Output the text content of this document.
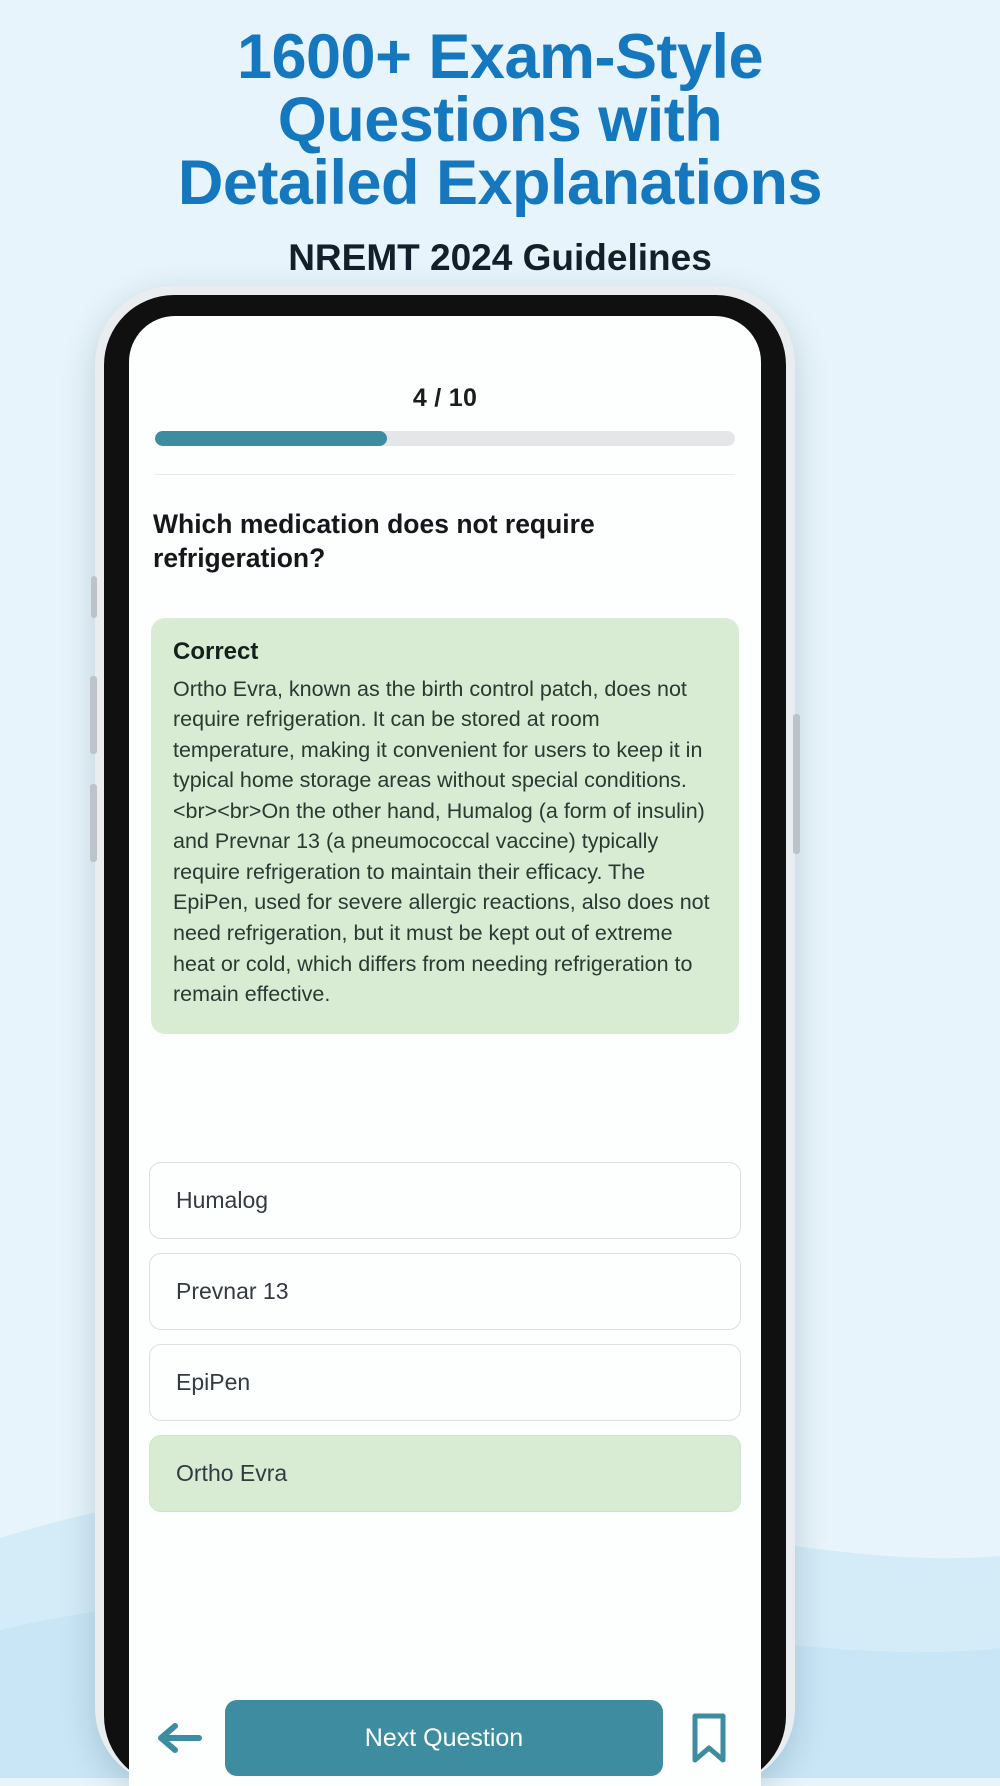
1600+ Exam-Style
Questions with
Detailed Explanations
NREMT 2024 Guidelines
4 / 10
Which medication does not require refrigeration?
Correct
Ortho Evra, known as the birth control patch, does not require refrigeration. It can be stored at room temperature, making it convenient for users to keep it in typical home storage areas without special conditions.<br><br>On the other hand, Humalog (a form of insulin) and Prevnar 13 (a pneumococcal vaccine) typically require refrigeration to maintain their efficacy. The EpiPen, used for severe allergic reactions, also does not need refrigeration, but it must be kept out of extreme heat or cold, which differs from needing refrigeration to remain effective.
Humalog
Prevnar 13
EpiPen
Ortho Evra
Next Question
